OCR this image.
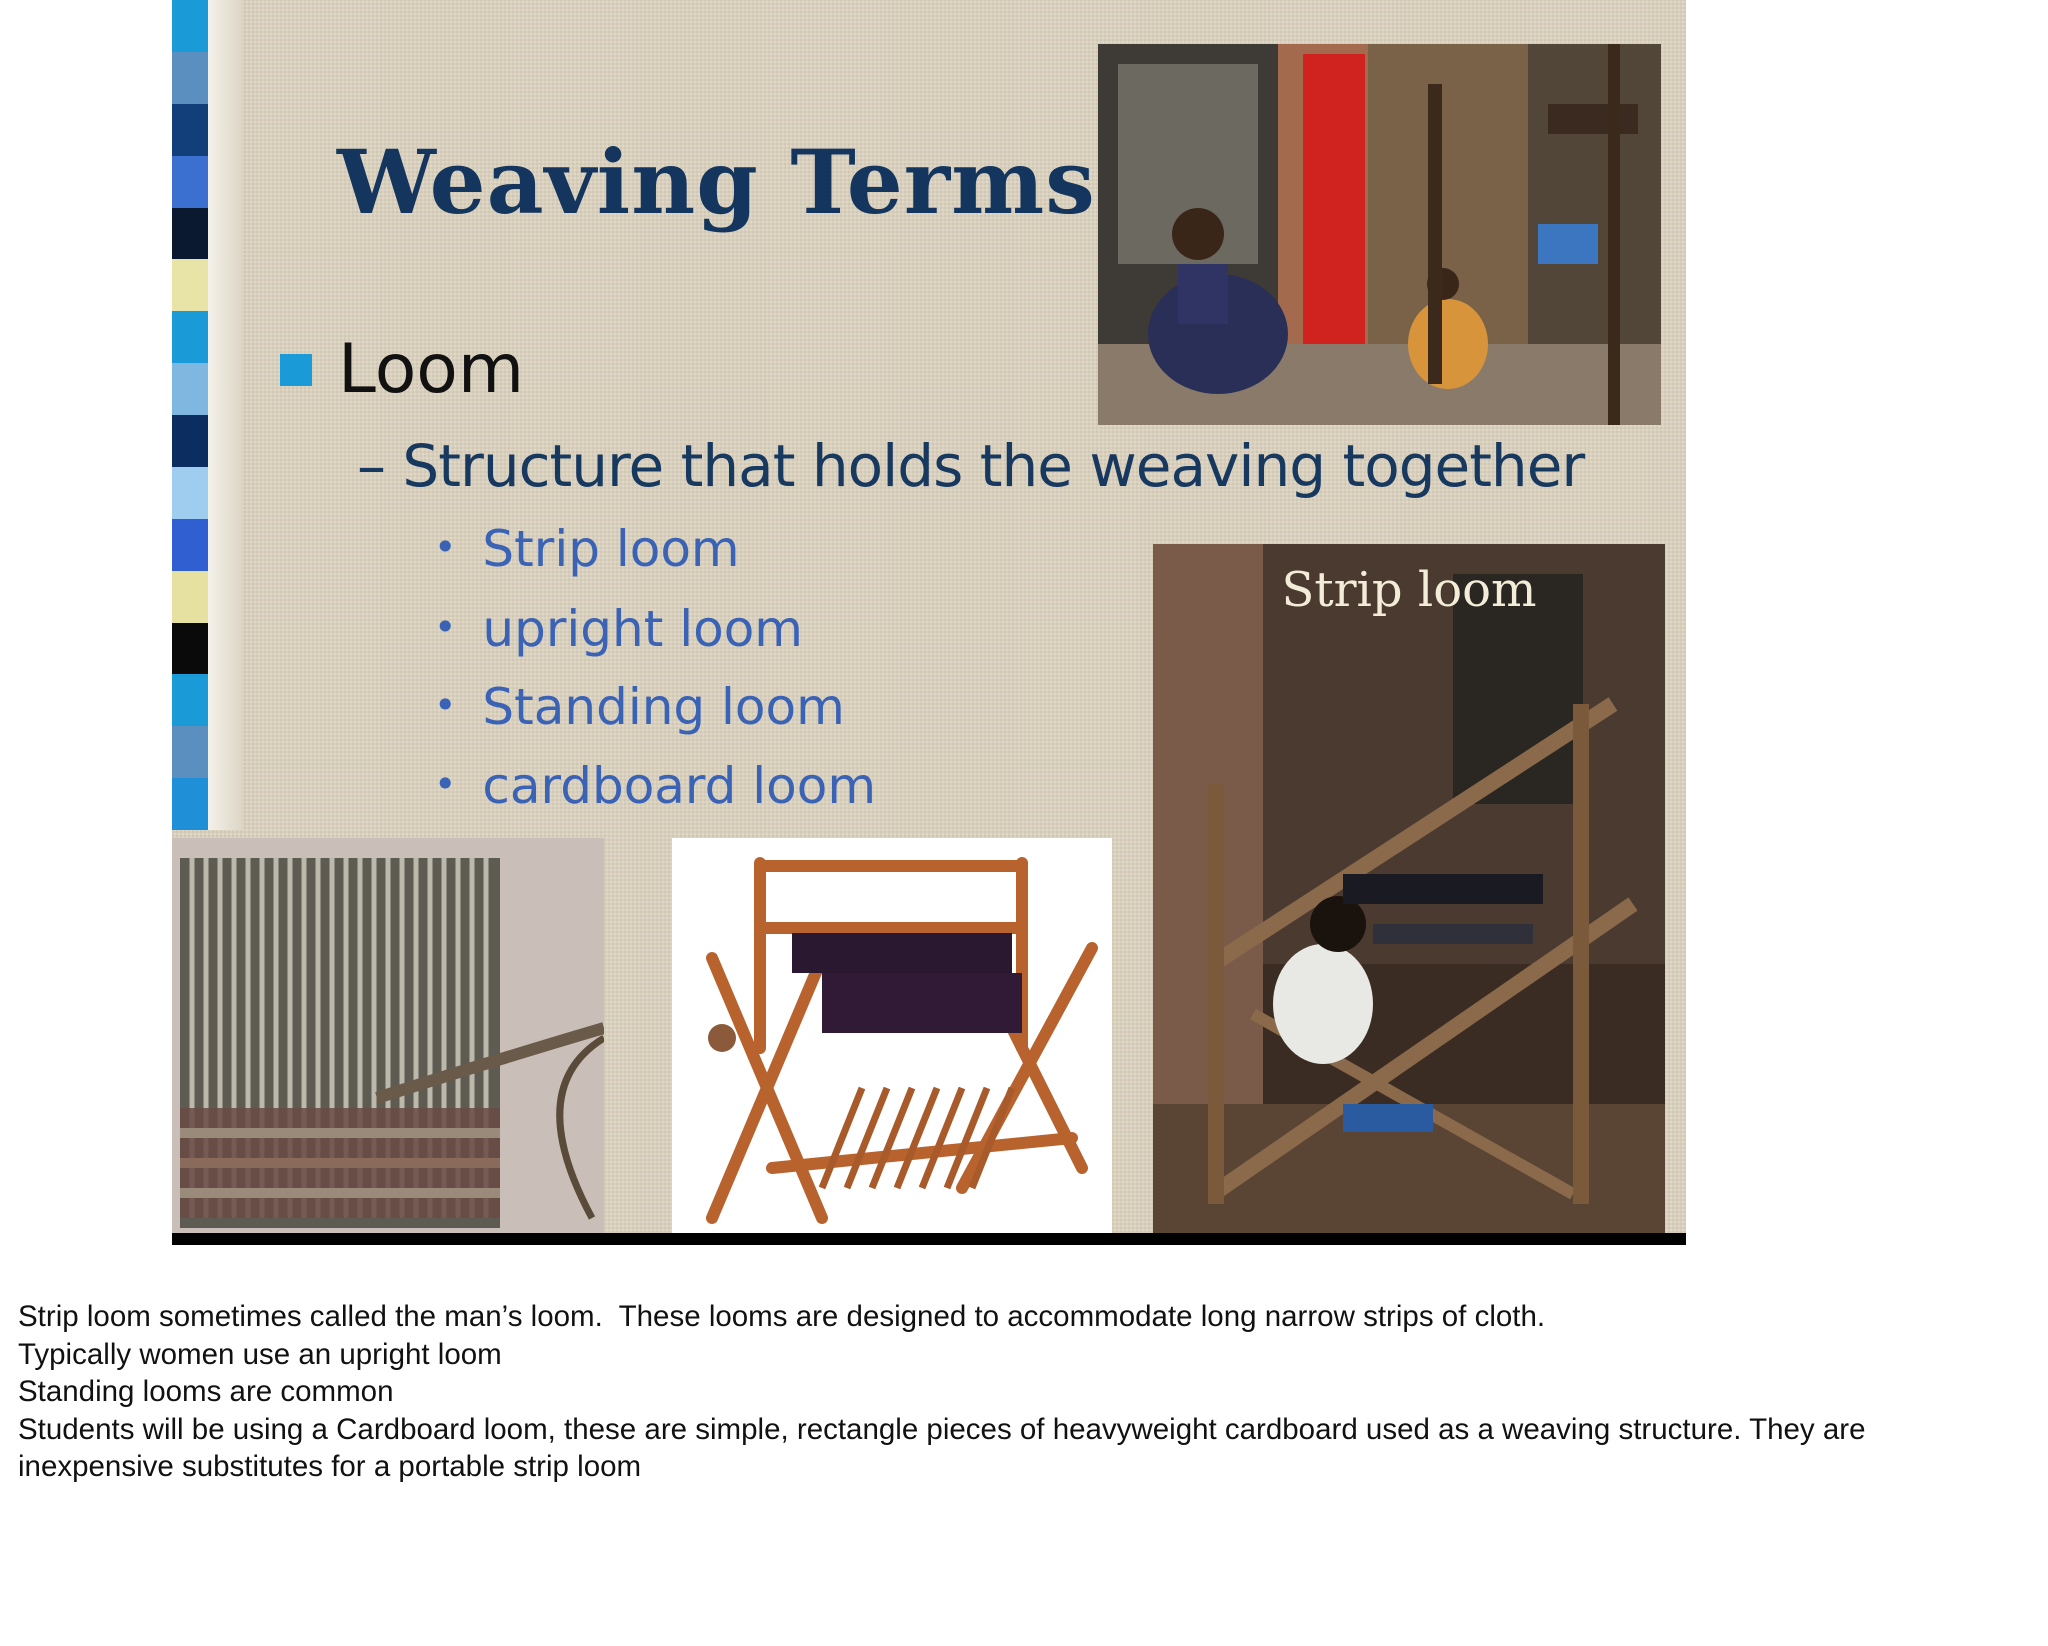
Weaving Terms
Loom
– Structure that holds the weaving together
• Strip loom
• upright loom
• Standing loom
• cardboard loom
Strip loom
Strip loom sometimes called the man’s loom.  These looms are designed to accommodate long narrow strips of cloth.
Typically women use an upright loom
Standing looms are common
Students will be using a Cardboard loom, these are simple, rectangle pieces of heavyweight cardboard used as a weaving structure. They are
inexpensive substitutes for a portable strip loom
